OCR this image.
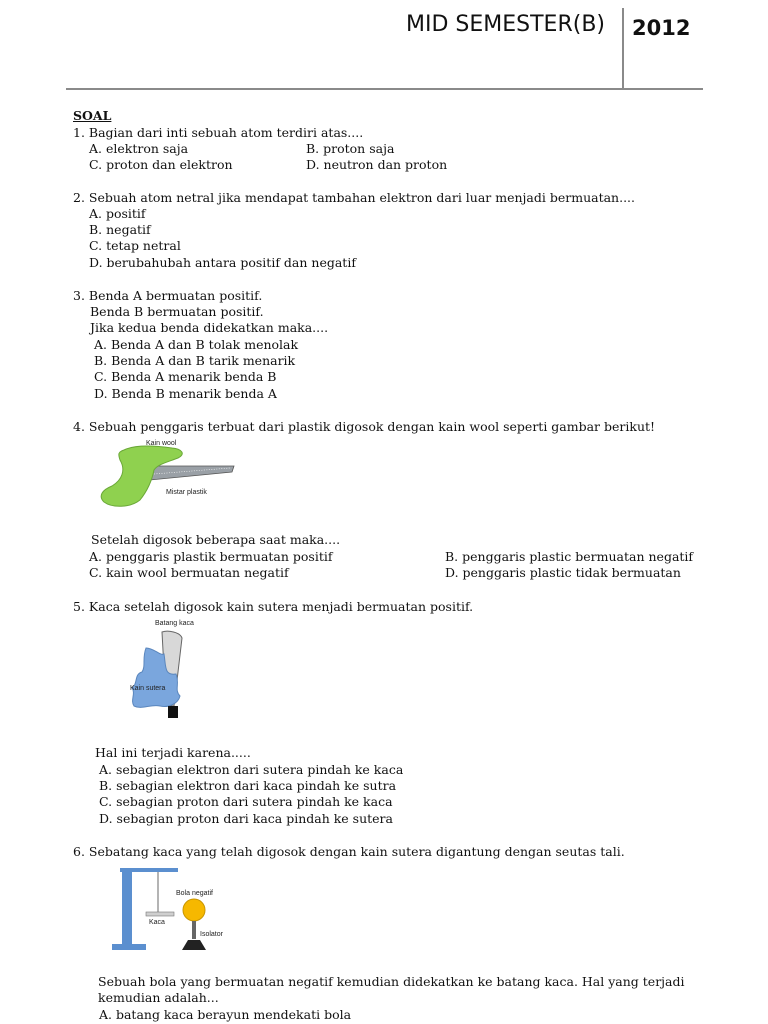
MID SEMESTER(B) 2012
SOAL
1. Bagian dari inti sebuah atom terdiri atas....
A. elektron saja	B. proton saja
C. proton dan elektron	D. neutron dan proton
2. Sebuah atom netral jika mendapat tambahan elektron dari luar menjadi bermuatan....
A. positif
B. negatif
C. tetap netral
D. berubahubah antara positif dan negatif
3. Benda A bermuatan positif.
Benda B bermuatan positif.
Jika kedua benda didekatkan maka....
A. Benda A dan B tolak menolak
B. Benda A dan B tarik menarik
C. Benda A menarik benda B
D. Benda B menarik benda A
4. Sebuah penggaris terbuat dari plastik digosok dengan kain wool seperti gambar berikut!
Kain wool
Mistar plastik
Setelah digosok beberapa saat maka....
A. penggaris plastik bermuatan positif	B. penggaris plastic bermuatan negatif
C. kain wool bermuatan negatif	D. penggaris plastic tidak bermuatan
5. Kaca setelah digosok kain sutera menjadi bermuatan positif.
Batang kaca
Kain sutera
Hal ini terjadi karena.....
A. sebagian elektron dari sutera pindah ke kaca
B. sebagian elektron dari kaca pindah ke sutra
C. sebagian proton dari sutera pindah ke kaca
D. sebagian proton dari kaca pindah ke sutera
6. Sebatang kaca yang telah digosok dengan kain sutera digantung dengan seutas tali.
Kaca
Bola negatif
Isolator
Sebuah bola yang bermuatan negatif kemudian didekatkan ke batang kaca. Hal yang terjadi
kemudian adalah...
A. batang kaca berayun mendekati bola
